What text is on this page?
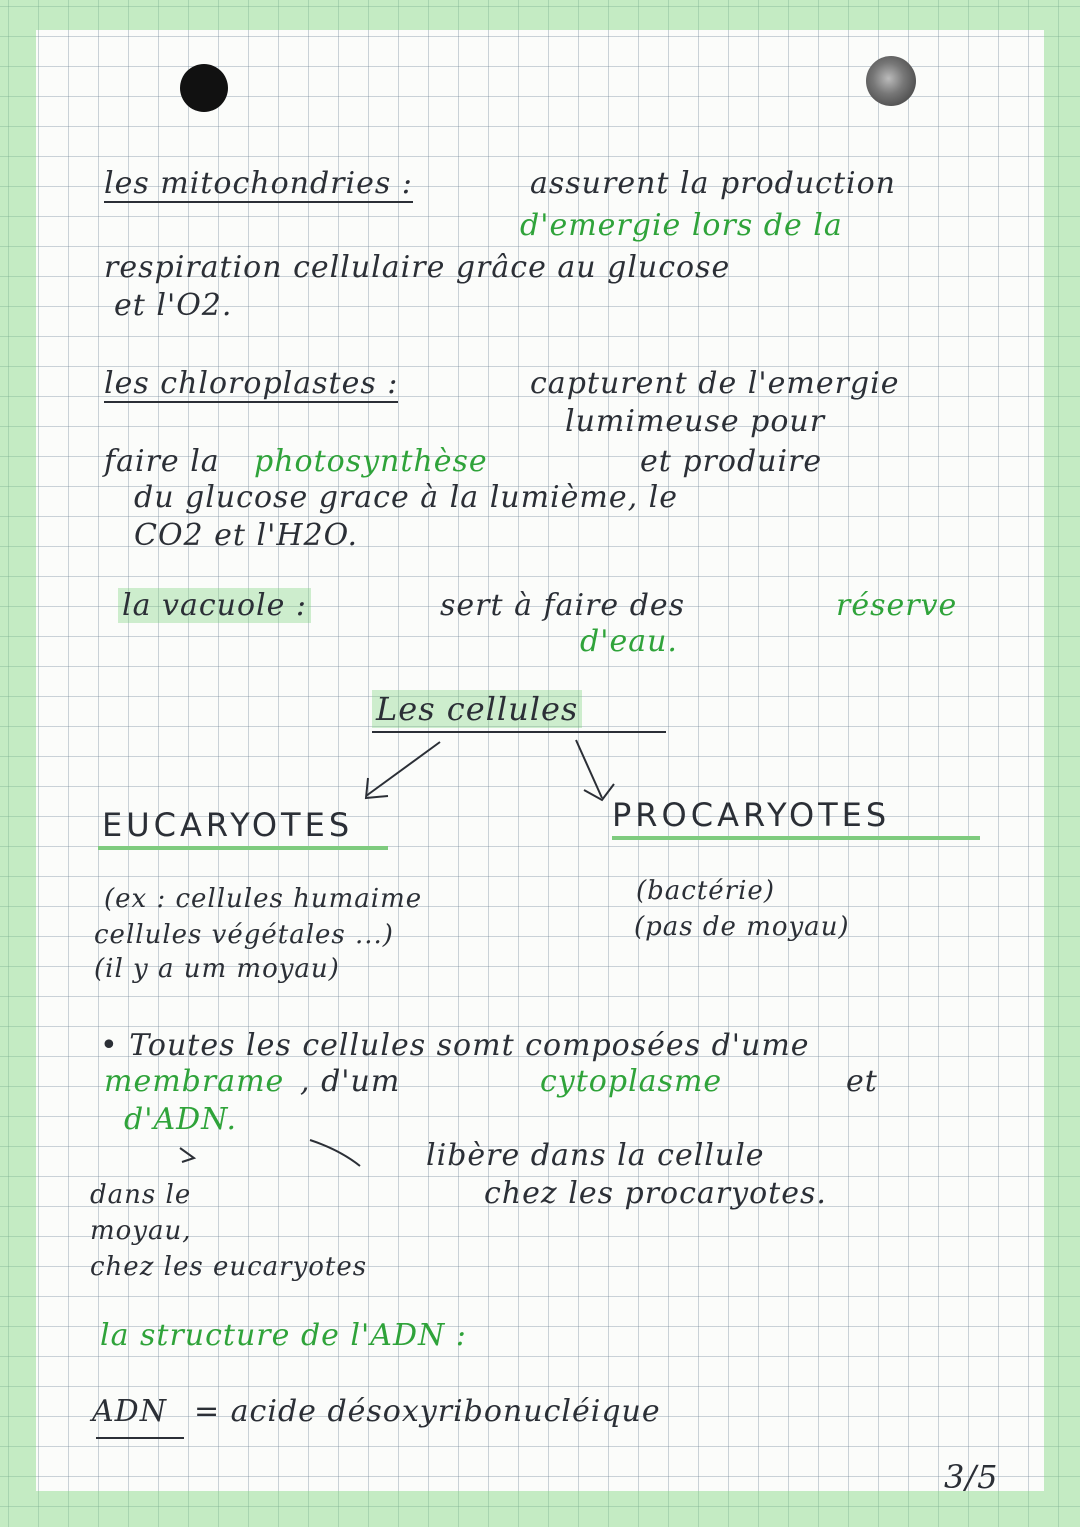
les mitochondries :	assurent la production
d'emergie lors de la
respiration cellulaire grâce au glucose
et l'O2.
les chloroplastes :	capturent de l'emergie
lumimeuse pour
faire la photosynthèse	et produire
du glucose grace à la lumième, le
CO2 et l'H2O.
la vacuole :	sert à faire des	réserve
d'eau.
Les cellules
EUCARYOTES	PROCARYOTES
(ex : cellules humaime
cellules végétales ...)
(il y a um moyau)
(bactérie)
(pas de moyau)
• Toutes les cellules somt composées d'ume
membrame , d'um	cytoplasme	et
d'ADN.
libère dans la cellule
chez les procaryotes.
dans le
moyau,
chez les eucaryotes
la structure de l'ADN :
ADN = acide désoxyribonucléique
3/5
